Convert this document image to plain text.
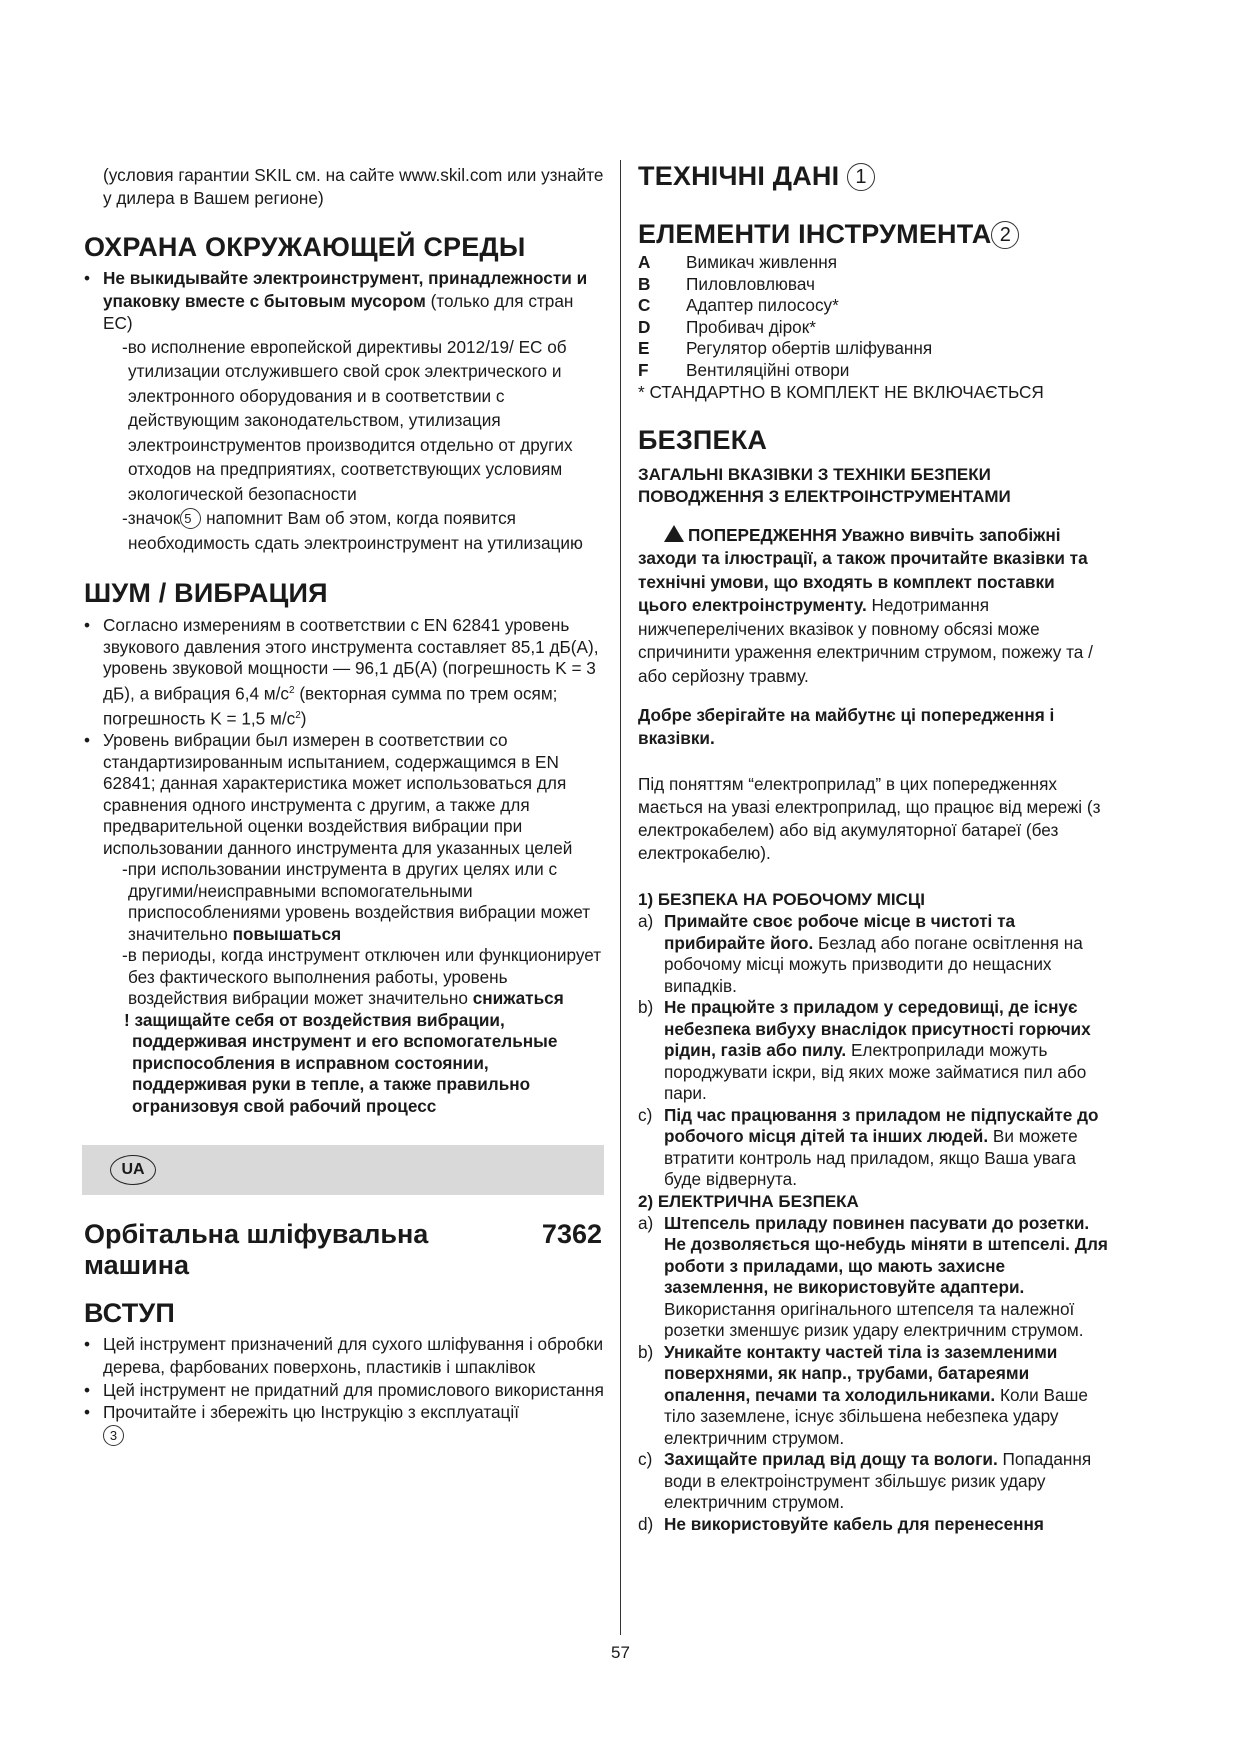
(условия гарантии SKIL см. на сайте www.skil.com или узнайте у дилера в Вашем регионе)

ОХРАНА ОКРУЖАЮЩЕЙ СРЕДЫ
• Не выкидывайте электроинструмент, принадлежности и упаковку вместе с бытовым мусором (только для стран ЕС)

-во исполнение европейской директивы 2012/19/ ЕС об утилизации отслужившего свой срок электрического и электронного оборудования и в соответствии с действующим законодательством, утилизация электроинструментов производится отдельно от других отходов на предприятиях, соответствующих условиям экологической безопасности

-значок 5 напомнит Вам об этом, когда появится необходимость сдать электроинструмент на утилизацию

ШУМ / ВИБРАЦИЯ
• Согласно измерениям в соответствии с EN 62841 уровень звукового давления этого инструмента составляет 85,1 дБ(A), уровень звуковой мощности — 96,1 дБ(A) (погрешность K = 3 дБ), а вибрация 6,4 $м/с^2$ (векторная сумма по трем осям; погрешность K = 1,5 $м/с^2$)
• Уровень вибрации был измерен в соответствии со стандартизированным испытанием, содержащимся в EN 62841; данная характеристика может использоваться для сравнения одного инструмента с другим, а также для предварительной оценки воздействия вибрации при использовании данного инструмента для указанных целей

-при использовании инструмента в других целях или с другими/неисправными вспомогательными приспособлениями уровень воздействия вибрации может значительно повышаться

-в периоды, когда инструмент отключен или функционирует без фактического выполнения работы, уровень воздействия вибрации может значительно снижаться

! защищайте себя от воздействия вибрации, поддерживая инструмент и его вспомогательные приспособления в исправном состоянии, поддерживая руки в тепле, а также правильно огранизовуя свой рабочий процесс

UA
Орбітальна шліфувальна машина
7362
ВСТУП
• Цей інструмент призначений для сухого шліфування і обробки дерева, фарбованих поверхонь, пластиків і шпаклівок
• Цей інструмент не придатний для промислового використання
• Прочитайте і збережіть цю Інструкцію з експлуатації
3
ТЕХНІЧНІ ДАНІ 1
ЕЛЕМЕНТИ ІНСТРУМЕНТА 2
A	Вимикач живлення
B	Пиловловлювач
C	Адаптер пилососу*
D	Пробивач дірок*
E	Регулятор обертів шліфування
F	Вентиляційні отвори

* СТАНДАРТНО В КОМПЛЕКТ НЕ ВКЛЮЧАЄТЬСЯ

БЕЗПЕКА
ЗАГАЛЬНІ ВКАЗІВКИ З ТЕХНІКИ БЕЗПЕКИ ПОВОДЖЕННЯ З ЕЛЕКТРОІНСТРУМЕНТАМИ

ПОПЕРЕДЖЕННЯ Уважно вивчіть запобіжні заходи та ілюстрації, а також прочитайте вказівки та технічні умови, що входять в комплект поставки цього електроінструменту. Недотримання нижчеперелічених вказівок у повному обсязі може спричинити ураження електричним струмом, пожежу та / або серйозну травму.

Добре зберігайте на майбутнє ці попередження і вказівки.

Під поняттям “електроприлад” в цих попередженнях мається на увазі електроприлад, що працює від мережі (з електрокабелем) або від акумуляторної батареї (без електрокабелю).

1) БЕЗПЕКА НА РОБОЧОМУ МІСЦІ
a) Примайте своє робоче місце в чистоті та прибирайте його. Безлад або погане освітлення на робочому місці можуть призводити до нещасних випадків.
b) Не працюйте з приладом у середовищі, де існує небезпека вибуху внаслідок присутності горючих рідин, газів або пилу. Електроприлади можуть породжувати іскри, від яких може займатися пил або пари.
c) Під час працювання з приладом не підпускайте до робочого місця дітей та інших людей. Ви можете втратити контроль над приладом, якщо Ваша увага буде відвернута.
2) ЕЛЕКТРИЧНА БЕЗПЕКА
a) Штепсель приладу повинен пасувати до розетки. Не дозволяється що-небудь міняти в штепселі. Для роботи з приладами, що мають захисне заземлення, не використовуйте адаптери. Використання оригінального штепселя та належної розетки зменшує ризик удару електричним струмом.
b) Уникайте контакту частей тіла із заземленими поверхнями, як напр., трубами, батареями опалення, печами та холодильниками. Коли Ваше тіло заземлене, існує збільшена небезпека удару електричним струмом.
c) Захищайте прилад від дощу та вологи. Попадання води в електроінструмент збільшує ризик удару електричним струмом.
d) Не використовуйте кабель для перенесення
57
